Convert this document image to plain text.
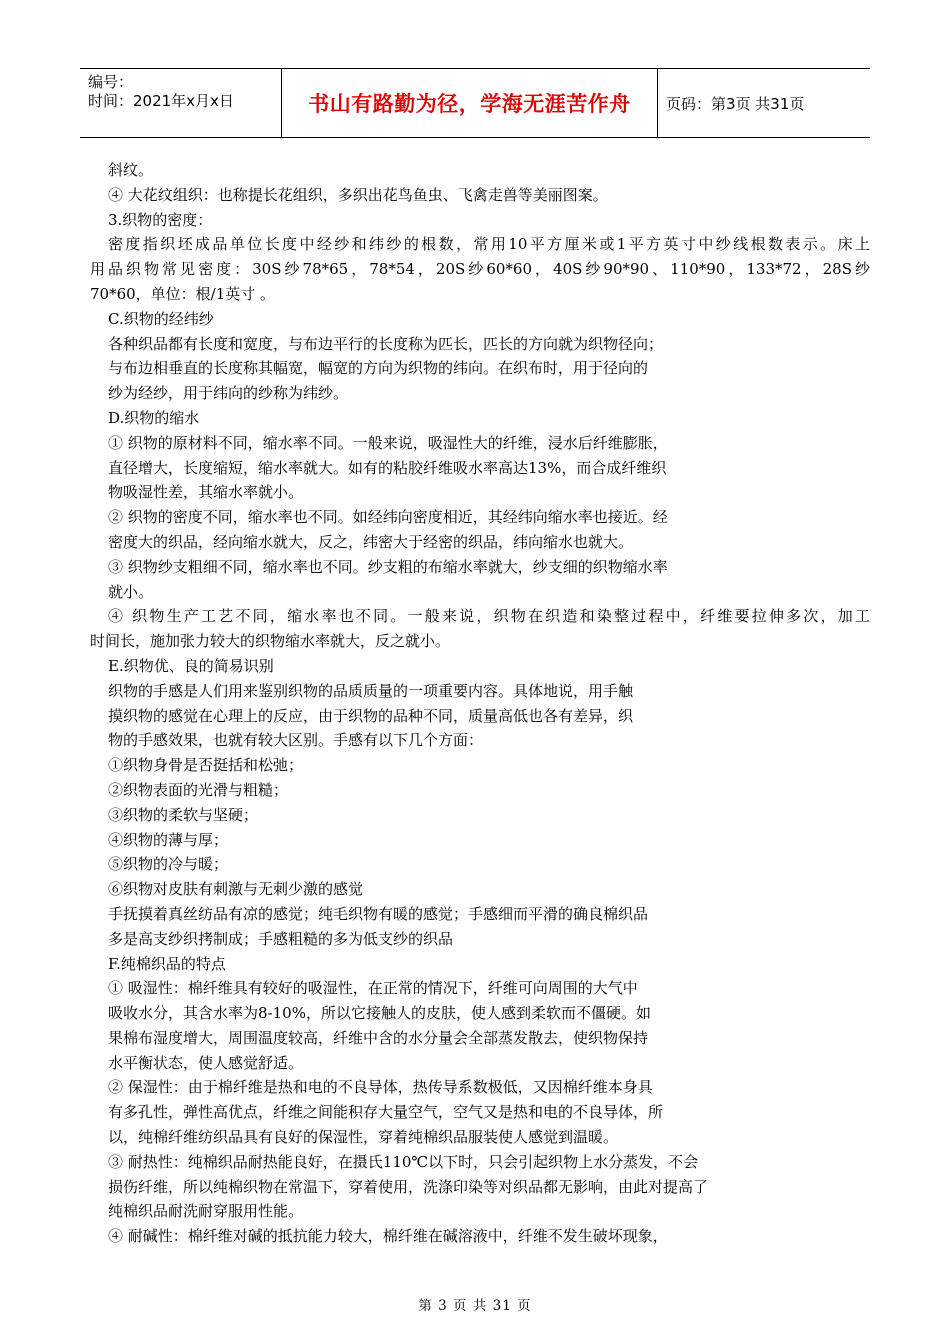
编号：
时间：2021年x月x日	书山有路勤为径，学海无涯苦作舟	页码：第3页 共31页
斜纹。
④ 大花纹组织：也称提长花组织，多织出花鸟鱼虫、飞禽走兽等美丽图案。
3.织物的密度：
密度指织坯成品单位长度中经纱和纬纱的根数，常用10平方厘米或1平方英寸中纱线根数表示。床上
用品织物常见密度：30S纱78*65，78*54，20S纱60*60，40S纱90*90、110*90，133*72，28S纱
70*60，单位：根/1英寸 。
C.织物的经纬纱
各种织品都有长度和宽度，与布边平行的长度称为匹长，匹长的方向就为织物径向；
与布边相垂直的长度称其幅宽，幅宽的方向为织物的纬向。在织布时，用于径向的
纱为经纱，用于纬向的纱称为纬纱。
D.织物的缩水
① 织物的原材料不同，缩水率不同。一般来说，吸湿性大的纤维，浸水后纤维膨胀，
直径增大，长度缩短，缩水率就大。如有的粘胶纤维吸水率高达13%，而合成纤维织
物吸湿性差，其缩水率就小。
② 织物的密度不同，缩水率也不同。如经纬向密度相近，其经纬向缩水率也接近。经
密度大的织品，经向缩水就大，反之，纬密大于经密的织品，纬向缩水也就大。
③ 织物纱支粗细不同，缩水率也不同。纱支粗的布缩水率就大，纱支细的织物缩水率
就小。
④ 织物生产工艺不同，缩水率也不同。一般来说，织物在织造和染整过程中，纤维要拉伸多次，加工
时间长，施加张力较大的织物缩水率就大，反之就小。
E.织物优、良的简易识别
织物的手感是人们用来鉴别织物的品质质量的一项重要内容。具体地说，用手触
摸织物的感觉在心理上的反应，由于织物的品种不同，质量高低也各有差异，织
物的手感效果，也就有较大区别。手感有以下几个方面：
①织物身骨是否挺括和松弛；
②织物表面的光滑与粗糙；
③织物的柔软与坚硬；
④织物的薄与厚；
⑤织物的冷与暖；
⑥织物对皮肤有刺激与无刺少激的感觉
手抚摸着真丝纺品有凉的感觉；纯毛织物有暖的感觉；手感细而平滑的确良棉织品
多是高支纱织拷制成；手感粗糙的多为低支纱的织品
F.纯棉织品的特点
① 吸湿性：棉纤维具有较好的吸湿性，在正常的情况下，纤维可向周围的大气中
吸收水分，其含水率为8-10%，所以它接触人的皮肤，使人感到柔软而不僵硬。如
果棉布湿度增大，周围温度较高，纤维中含的水分量会全部蒸发散去，使织物保持
水平衡状态，使人感觉舒适。
② 保湿性：由于棉纤维是热和电的不良导体，热传导系数极低，又因棉纤维本身具
有多孔性，弹性高优点，纤维之间能积存大量空气，空气又是热和电的不良导体，所
以，纯棉纤维纺织品具有良好的保湿性，穿着纯棉织品服装使人感觉到温暖。
③ 耐热性：纯棉织品耐热能良好，在摄氏110℃以下时，只会引起织物上水分蒸发，不会
损伤纤维，所以纯棉织物在常温下，穿着使用，洗涤印染等对织品都无影响，由此对提高了
纯棉织品耐洗耐穿服用性能。
④ 耐碱性：棉纤维对碱的抵抗能力较大，棉纤维在碱溶液中，纤维不发生破坏现象，
第 3 页 共 31 页
